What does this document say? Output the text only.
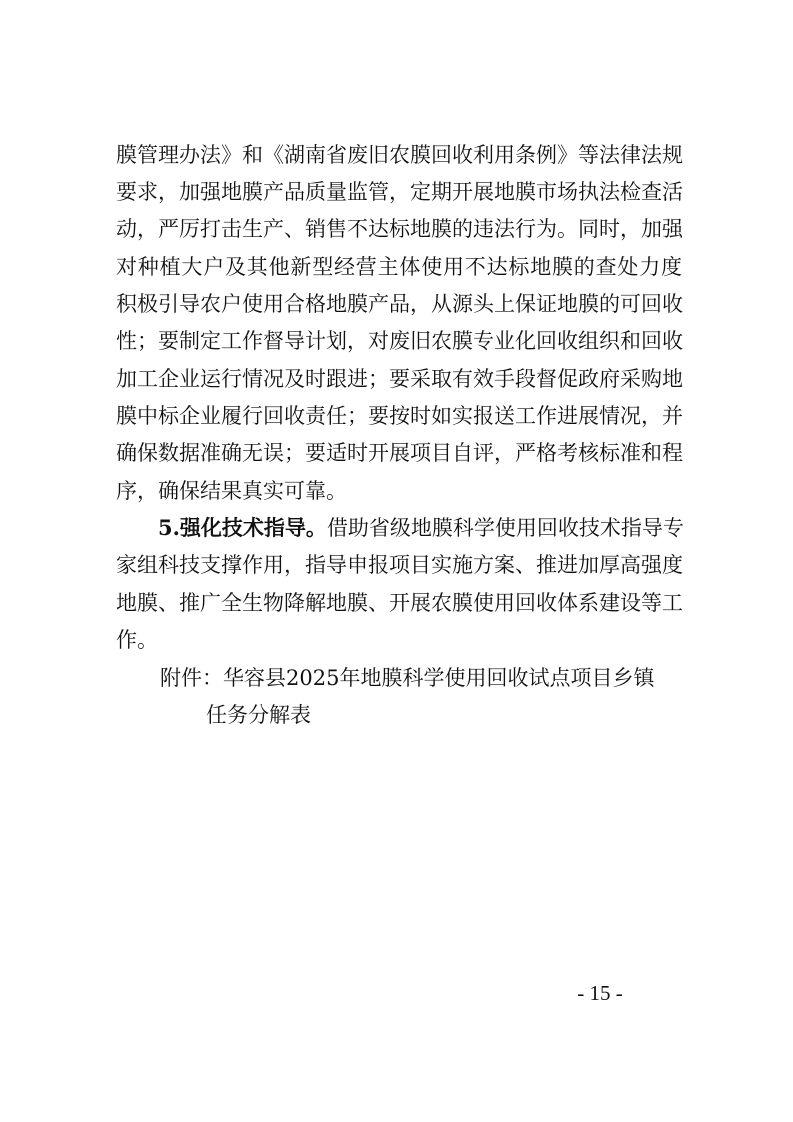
膜管理办法》和《湖南省废旧农膜回收利用条例》等法律法规
要求，加强地膜产品质量监管，定期开展地膜市场执法检查活
动，严厉打击生产、销售不达标地膜的违法行为。同时，加强
对种植大户及其他新型经营主体使用不达标地膜的查处力度
积极引导农户使用合格地膜产品，从源头上保证地膜的可回收
性；要制定工作督导计划，对废旧农膜专业化回收组织和回收
加工企业运行情况及时跟进；要采取有效手段督促政府采购地
膜中标企业履行回收责任；要按时如实报送工作进展情况，并
确保数据准确无误；要适时开展项目自评，严格考核标准和程
序，确保结果真实可靠。
5.强化技术指导。借助省级地膜科学使用回收技术指导专
家组科技支撑作用，指导申报项目实施方案、推进加厚高强度
地膜、推广全生物降解地膜、开展农膜使用回收体系建设等工
作。
附件：华容县2025年地膜科学使用回收试点项目乡镇
任务分解表
- 15 -
